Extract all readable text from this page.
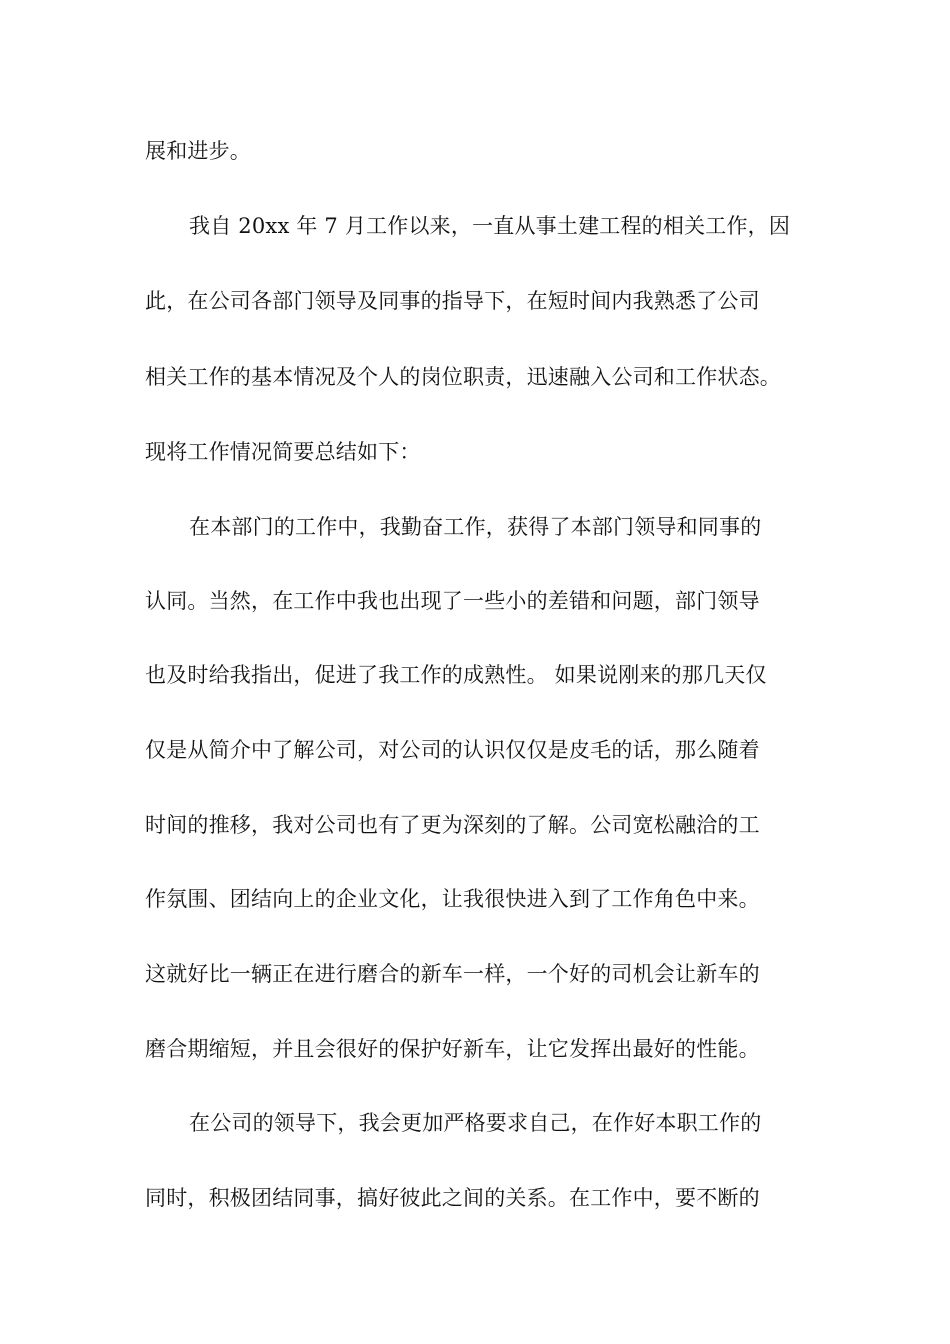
展和进步。
我自 20xx 年 7 月工作以来，一直从事土建工程的相关工作，因
此，在公司各部门领导及同事的指导下，在短时间内我熟悉了公司
相关工作的基本情况及个人的岗位职责，迅速融入公司和工作状态。
现将工作情况简要总结如下：
在本部门的工作中，我勤奋工作，获得了本部门领导和同事的
认同。当然，在工作中我也出现了一些小的差错和问题，部门领导
也及时给我指出，促进了我工作的成熟性。 如果说刚来的那几天仅
仅是从简介中了解公司，对公司的认识仅仅是皮毛的话，那么随着
时间的推移，我对公司也有了更为深刻的了解。公司宽松融洽的工
作氛围、团结向上的企业文化，让我很快进入到了工作角色中来。
这就好比一辆正在进行磨合的新车一样，一个好的司机会让新车的
磨合期缩短，并且会很好的保护好新车，让它发挥出最好的性能。
在公司的领导下，我会更加严格要求自己，在作好本职工作的
同时，积极团结同事，搞好彼此之间的关系。在工作中，要不断的
